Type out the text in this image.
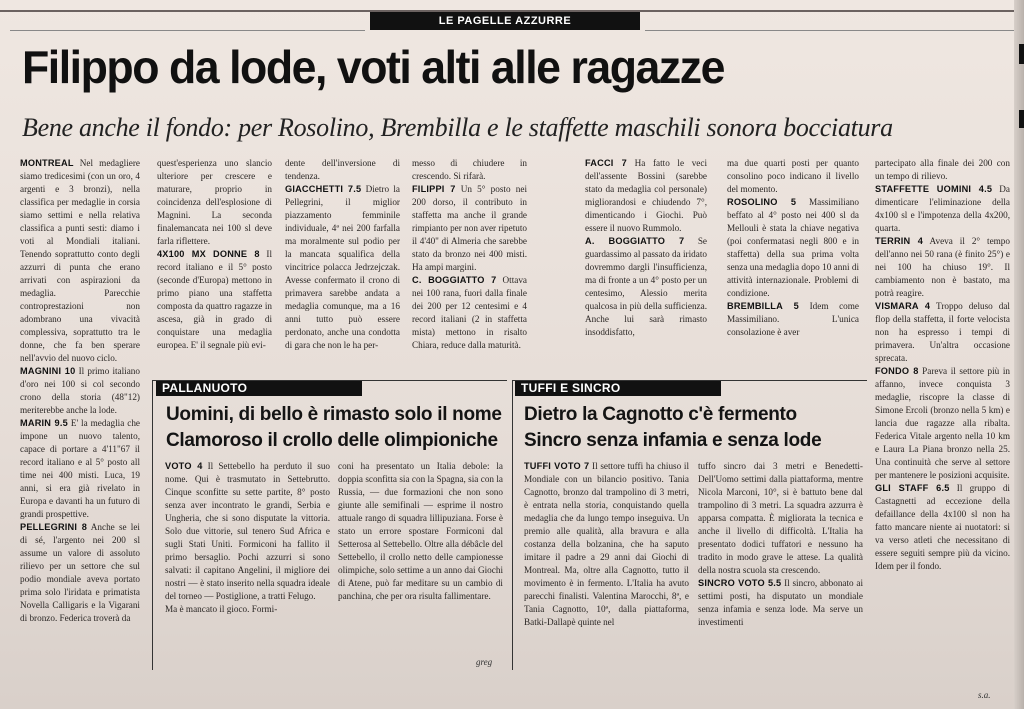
LE PAGELLE AZZURRE
Filippo da lode, voti alti alle ragazze
Bene anche il fondo: per Rosolino, Brembilla e le staffette maschili sonora bocciatura

MONTREAL Nel medagliere siamo tredicesimi (con un oro, 4 argenti e 3 bronzi), nella classifica per medaglie in corsia siamo settimi e nella relativa classifica a punti sesti: diamo i voti al Mondiali italiani. Tenendo soprattutto conto degli azzurri di punta che erano arrivati con aspirazioni da medaglia. Parecchie controprestazioni non adombrano una vivacità complessiva, soprattutto tra le donne, che fa ben sperare nell'avvio del nuovo ciclo.

MAGNINI 10 Il primo italiano d'oro nei 100 si col secondo crono della storia (48"12) meriterebbe anche la lode.

MARIN 9.5 E' la medaglia che impone un nuovo talento, capace di portare a 4'11"67 il record italiano e al 5° posto all time nei 400 misti. Luca, 19 anni, si era già rivelato in Europa e davanti ha un futuro di grandi prospettive.

PELLEGRINI 8 Anche se lei di sé, l'argento nei 200 sl assume un valore di assoluto rilievo per un settore che sul podio mondiale aveva portato prima solo l'iridata e primatista Novella Calligaris e la Vigarani di bronzo. Federica troverà da

quest'esperienza uno slancio ulteriore per crescere e maturare, proprio in coincidenza dell'esplosione di Magnini. La seconda finalemancata nei 100 sl deve farla riflettere.

4X100 MX DONNE 8 Il record italiano e il 5° posto (seconde d'Europa) mettono in primo piano una staffetta composta da quattro ragazze in ascesa, già in grado di conquistare una medaglia europea. E' il segnale più evi-

dente dell'inversione di tendenza.

GIACCHETTI 7.5 Dietro la Pellegrini, il miglior piazzamento femminile individuale, 4ª nei 200 farfalla ma moralmente sul podio per la mancata squalifica della vincitrice polacca Jedrzejczak. Avesse confermato il crono di primavera sarebbe andata a medaglia comunque, ma a 16 anni tutto può essere perdonato, anche una condotta di gara che non le ha per-

messo di chiudere in crescendo. Si rifarà.

FILIPPI 7 Un 5° posto nei 200 dorso, il contributo in staffetta ma anche il grande rimpianto per non aver ripetuto il 4'40" di Almeria che sarebbe stato da bronzo nei 400 misti. Ha ampi margini.

C. BOGGIATTO 7 Ottava nei 100 rana, fuori dalla finale dei 200 per 12 centesimi e 4 record italiani (2 in staffetta mista) mettono in risalto Chiara, reduce dalla maturità.

FACCI 7 Ha fatto le veci dell'assente Bossini (sarebbe stato da medaglia col personale) migliorandosi e chiudendo 7°, dimenticando i Giochi. Può essere il nuovo Rummolo.

A. BOGGIATTO 7 Se guardassimo al passato da iridato dovremmo dargli l'insufficienza, ma di fronte a un 4° posto per un centesimo, Alessio merita qualcosa in più della sufficienza. Anche lui sarà rimasto insoddisfatto,

ma due quarti posti per quanto consolino poco indicano il livello del momento.

ROSOLINO 5 Massimiliano beffato al 4° posto nei 400 sl da Mellouli è stata la chiave negativa (poi confermatasi negli 800 e in staffetta) della sua prima volta senza una medaglia dopo 10 anni di attività internazionale. Problemi di condizione.

BREMBILLA 5 Idem come Massimiliano. L'unica consolazione è aver

partecipato alla finale dei 200 con un tempo di rilievo.

STAFFETTE UOMINI 4.5 Da dimenticare l'eliminazione della 4x100 sl e l'impotenza della 4x200, quarta.

TERRIN 4 Aveva il 2° tempo dell'anno nei 50 rana (è finito 25°) e nei 100 ha chiuso 19°. Il cambiamento non è bastato, ma potrà reagire.

VISMARA 4 Troppo deluso dal flop della staffetta, il forte velocista non ha espresso i tempi di primavera. Un'altra occasione sprecata.

FONDO 8 Pareva il settore più in affanno, invece conquista 3 medaglie, riscopre la classe di Simone Ercoli (bronzo nella 5 km) e lancia due ragazze alla ribalta. Federica Vitale argento nella 10 km e Laura La Piana bronzo nella 25. Una continuità che serve al settore per mantenere le posizioni acquisite.

GLI STAFF 6.5 Il gruppo di Castagnetti ad eccezione della defaillance della 4x100 sl non ha fatto mancare niente ai nuotatori: si va verso atleti che necessitano di essere seguiti sempre più da vicino. Idem per il fondo.

s.a.
PALLANUOTO
Uomini, di bello è rimasto solo il nome
Clamoroso il crollo delle olimpioniche

VOTO 4 Il Settebello ha perduto il suo nome. Qui è trasmutato in Settebrutto. Cinque sconfitte su sette partite, 8° posto senza aver incontrato le grandi, Serbia e Ungheria, che si sono disputate la vittoria. Solo due vittorie, sul tenero Sud Africa e sugli Stati Uniti. Formiconi ha fallito il primo bersaglio. Pochi azzurri si sono salvati: il capitano Angelini, il migliore dei nostri — è stato inserito nella squadra ideale del torneo — Postiglione, a tratti Felugo.

Ma è mancato il gioco. Formi-

coni ha presentato un Italia debole: la doppia sconfitta sia con la Spagna, sia con la Russia, — due formazioni che non sono giunte alle semifinali — esprime il nostro attuale rango di squadra lillipuziana. Forse è stato un errore spostare Formiconi dal Setterosa al Settebello. Oltre alla débâcle del Settebello, il crollo netto delle campionesse olimpiche, solo settime a un anno dai Giochi di Atene, può far meditare su un cambio di panchina, che per ora risulta fallimentare.

greg
TUFFI E SINCRO
Dietro la Cagnotto c'è fermento
Sincro senza infamia e senza lode

TUFFI VOTO 7 Il settore tuffi ha chiuso il Mondiale con un bilancio positivo. Tania Cagnotto, bronzo dal trampolino di 3 metri, è entrata nella storia, conquistando quella medaglia che da lungo tempo inseguiva. Un premio alle qualità, alla bravura e alla costanza della bolzanina, che ha saputo imitare il padre a 29 anni dai Giochi di Montreal. Ma, oltre alla Cagnotto, tutto il movimento è in fermento. L'Italia ha avuto parecchi finalisti. Valentina Marocchi, 8ª, e Tania Cagnotto, 10ª, dalla piattaforma, Batki-Dallapè quinte nel

tuffo sincro dai 3 metri e Benedetti-Dell'Uomo settimi dalla piattaforma, mentre Nicola Marconi, 10°, si è battuto bene dal trampolino di 3 metri. La squadra azzurra è apparsa compatta. È migliorata la tecnica e anche il livello di difficoltà. L'Italia ha presentato dodici tuffatori e nessuno ha tradito in modo grave le attese. La qualità della nostra scuola sta crescendo.

SINCRO VOTO 5.5 Il sincro, abbonato ai settimi posti, ha disputato un mondiale senza infamia e senza lode. Ma serve un investimenti
